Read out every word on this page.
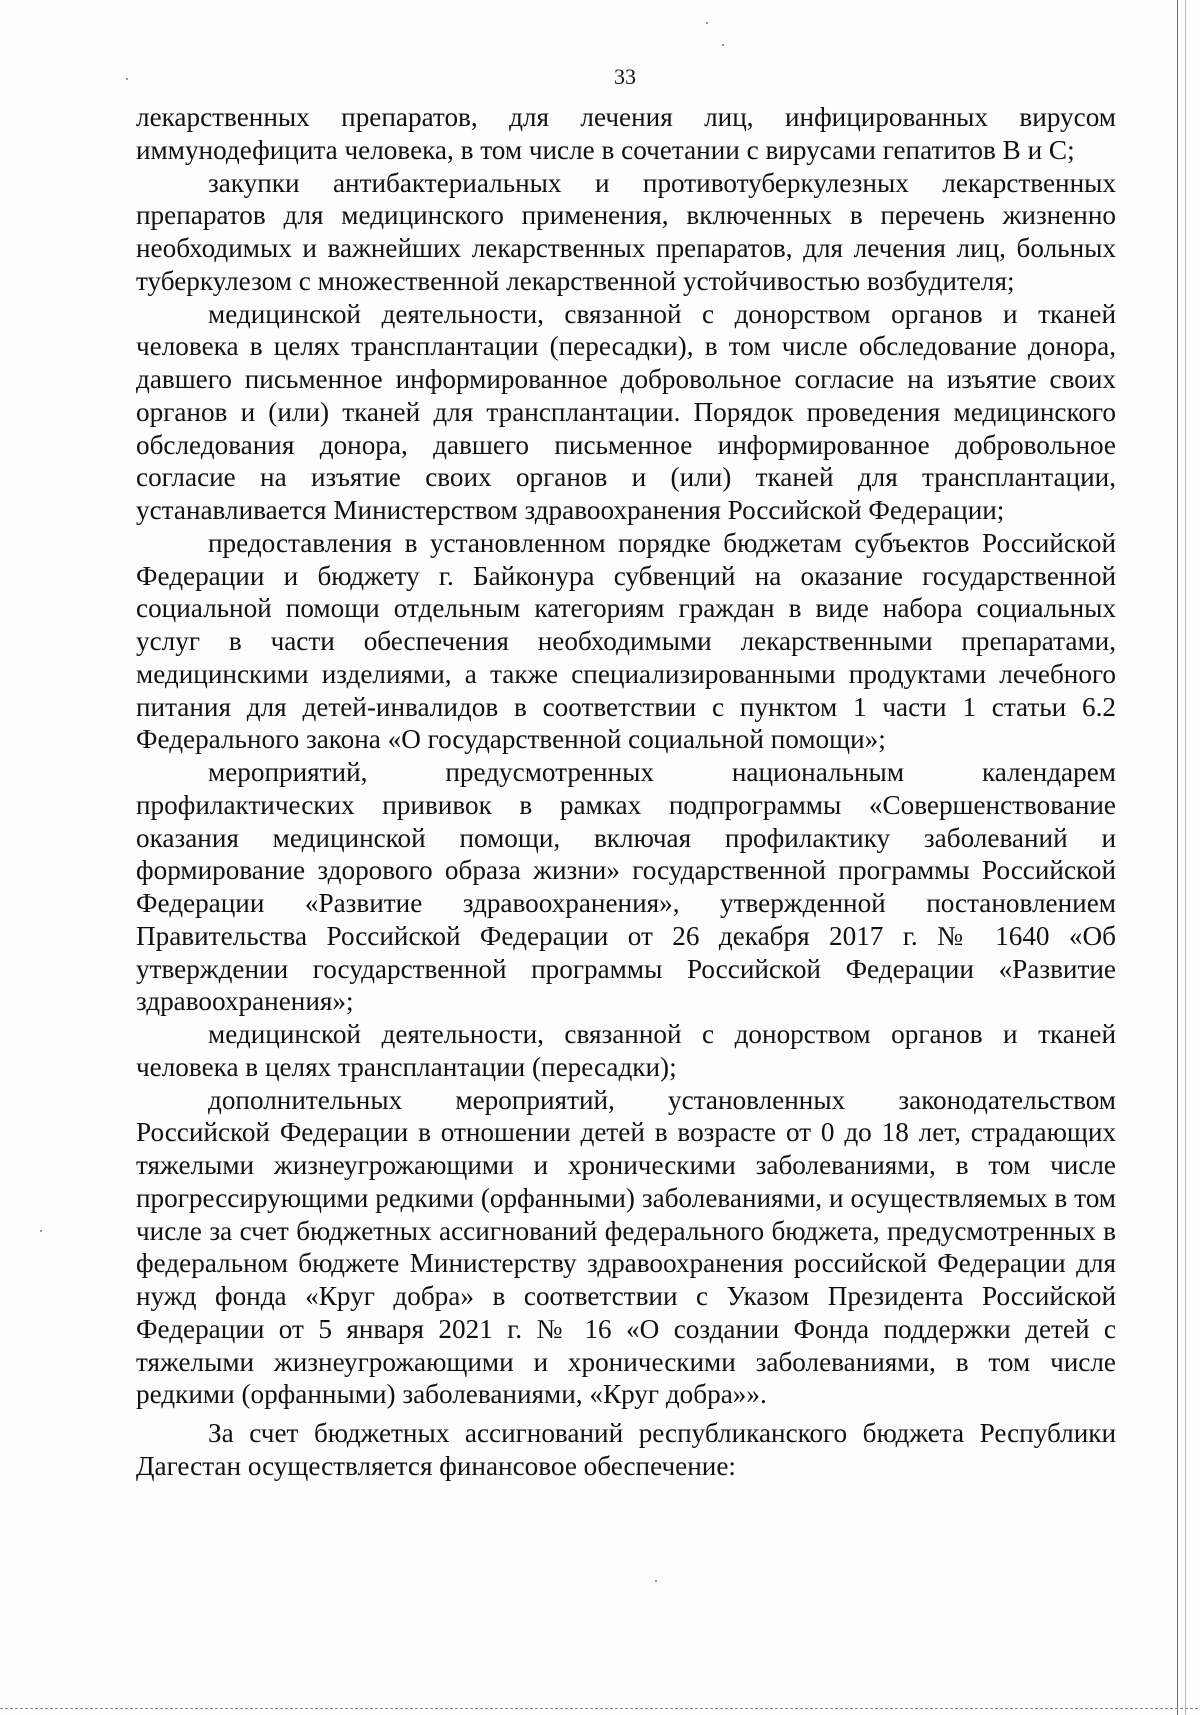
33

лекарственных препаратов, для лечения лиц, инфицированных вирусом иммунодефицита человека, в том числе в сочетании с вирусами гепатитов В и С;

закупки антибактериальных и противотуберкулезных лекарственных препаратов для медицинского применения, включенных в перечень жизненно необходимых и важнейших лекарственных препаратов, для лечения лиц, больных туберкулезом с множественной лекарственной устойчивостью возбудителя;

медицинской деятельности, связанной с донорством органов и тканей человека в целях трансплантации (пересадки), в том числе обследование донора, давшего письменное информированное добровольное согласие на изъятие своих органов и (или) тканей для трансплантации. Порядок проведения медицинского обследования донора, давшего письменное информированное добровольное согласие на изъятие своих органов и (или) тканей для трансплантации, устанавливается Министерством здравоохранения Российской Федерации;

предоставления в установленном порядке бюджетам субъектов Российской Федерации и бюджету г. Байконура субвенций на оказание государственной социальной помощи отдельным категориям граждан в виде набора социальных услуг в части обеспечения необходимыми лекарственными препаратами, медицинскими изделиями, а также специализированными продуктами лечебного питания для детей-инвалидов в соответствии с пунктом 1 части 1 статьи 6.2 Федерального закона «О государственной социальной помощи»;

мероприятий, предусмотренных национальным календарем профилактических прививок в рамках подпрограммы «Совершенствование оказания медицинской помощи, включая профилактику заболеваний и формирование здорового образа жизни» государственной программы Российской Федерации «Развитие здравоохранения», утвержденной постановлением Правительства Российской Федерации от 26 декабря 2017 г. № 1640 «Об утверждении государственной программы Российской Федерации «Развитие здравоохранения»;

медицинской деятельности, связанной с донорством органов и тканей человека в целях трансплантации (пересадки);

дополнительных мероприятий, установленных законодательством Российской Федерации в отношении детей в возрасте от 0 до 18 лет, страдающих тяжелыми жизнеугрожающими и хроническими заболеваниями, в том числе прогрессирующими редкими (орфанными) заболеваниями, и осуществляемых в том числе за счет бюджетных ассигнований федерального бюджета, предусмотренных в федеральном бюджете Министерству здравоохранения российской Федерации для нужд фонда «Круг добра» в соответствии с Указом Президента Российской Федерации от 5 января 2021 г. № 16 «О создании Фонда поддержки детей с тяжелыми жизнеугрожающими и хроническими заболеваниями, в том числе редкими (орфанными) заболеваниями, «Круг добра»».

За счет бюджетных ассигнований республиканского бюджета Республики Дагестан осуществляется финансовое обеспечение:
